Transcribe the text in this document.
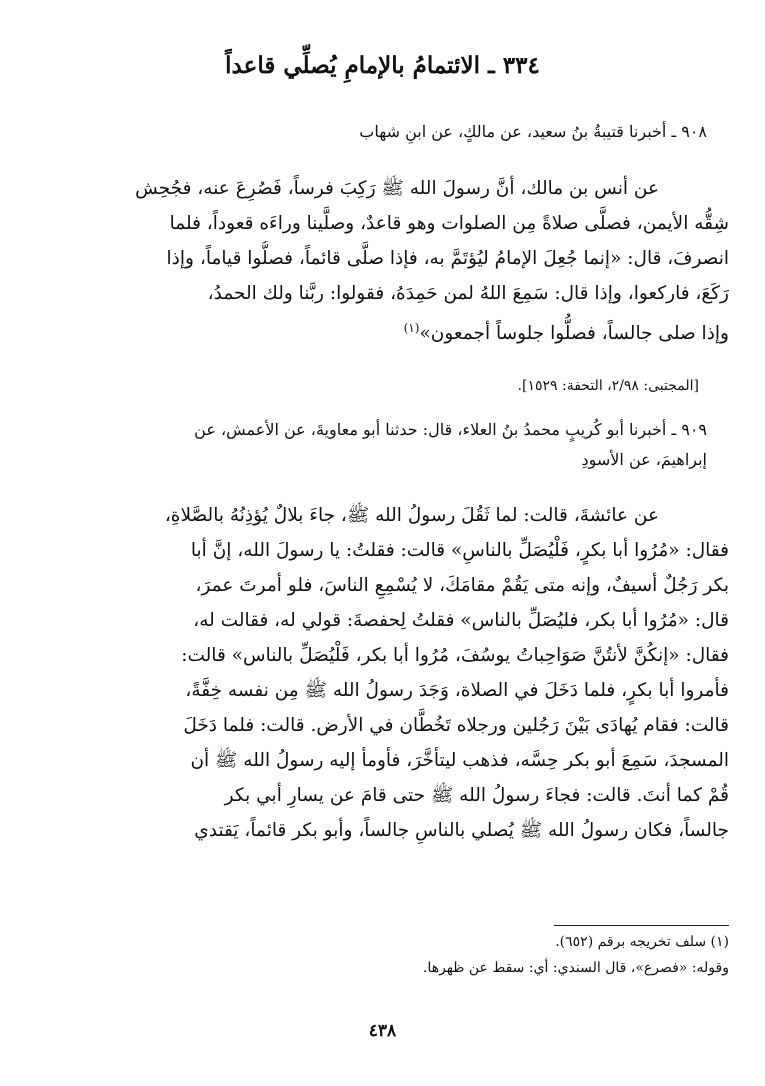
٣٣٤ ـ الائتمامُ بالإمامِ يُصلِّي قاعداً
٩٠٨ ـ أخبرنا قتيبةُ بنُ سعيد، عن مالكٍ، عن ابنِ شهاب
عن أنس بن مالك، أنَّ رسولَ الله ﷺ رَكِبَ فرساً، فَصُرِعَ عنه، فجُحِش
شِقُّه الأيمن، فصلَّى صلاةً مِن الصلوات وهو قاعدٌ، وصلَّينا وراءَه قعوداً، فلما
انصرفَ، قال: «إنما جُعِلَ الإمامُ ليُؤتَمَّ به، فإذا صلَّى قائماً، فصلُّوا قياماً، وإذا
رَكَعَ، فاركعوا، وإذا قال: سَمِعَ اللهُ لمن حَمِدَهُ، فقولوا: ربَّنا ولك الحمدُ،
وإذا صلى جالساً، فصلُّوا جلوساً أجمعون»$^{(١)}$
[المجتبى: ٢/٩٨، التحفة: ١٥٢٩].
٩٠٩ ـ أخبرنا أبو كُريبٍ محمدُ بنُ العلاء، قال: حدثنا أبو معاويةَ، عن الأعمش، عن
إبراهيمَ، عن الأسودِ
عن عائشةَ، قالت: لما ثَقُلَ رسولُ الله ﷺ، جاءَ بلالٌ يُؤذِنُهُ بالصَّلاةِ،
فقال: «مُرُوا أبا بكرٍ، فَلْيُصَلِّ بالناسِ» قالت: فقلتُ: يا رسولَ الله، إنَّ أبا
بكر رَجُلٌ أسيفٌ، وإنه متى يَقُمْ مقامَكَ، لا يُسْمِعِ الناسَ، فلو أمرتَ عمرَ،
قال: «مُرُوا أبا بكر، فليُصَلِّ بالناس» فقلتُ لِحفصةَ: قولي له، فقالت له،
فقال: «إنكُنَّ لأنتُنَّ صَوَاحِباتُ يوسُفَ، مُرُوا أبا بكر، فَلْيُصَلِّ بالناس» قالت:
فأمروا أبا بكرٍ، فلما دَخَلَ في الصلاة، وَجَدَ رسولُ الله ﷺ مِن نفسه خِفَّةً،
قالت: فقام يُهادَى بَيْنَ رَجُلين ورجلاه تَخُطَّان في الأرض. قالت: فلما دَخَلَ
المسجدَ، سَمِعَ أبو بكر حِسَّه، فذهب ليتأخَّرَ، فأومأ إليه رسولُ الله ﷺ أن
قُمْ كما أنتَ. قالت: فجاءَ رسولُ الله ﷺ حتى قامَ عن يسارِ أبي بكر
جالساً، فكان رسولُ الله ﷺ يُصلي بالناسِ جالساً، وأبو بكر قائماً، يَقتدي
(١) سلف تخريجه برقم (٦٥٢).
وقوله: «فصرع»، قال السندي: أي: سقط عن ظهرها.
٤٣٨
